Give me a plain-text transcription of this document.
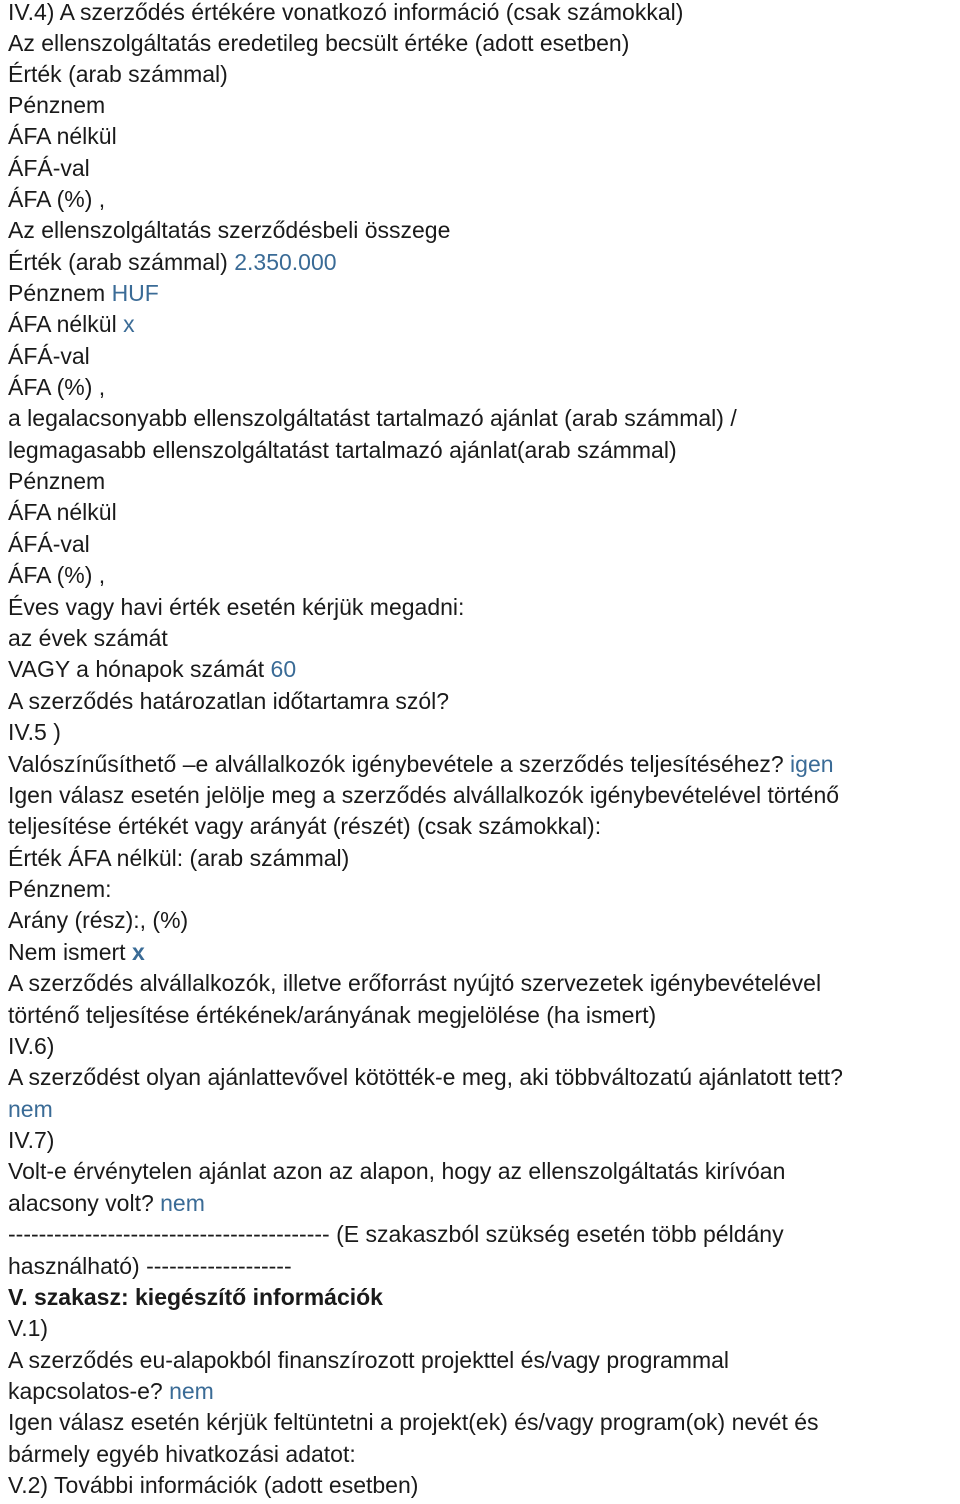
IV.4) A szerződés értékére vonatkozó információ (csak számokkal)
Az ellenszolgáltatás eredetileg becsült értéke (adott esetben)
Érték (arab számmal)
Pénznem
ÁFA nélkül
ÁFÁ-val
ÁFA (%) ,
Az ellenszolgáltatás szerződésbeli összege
Érték (arab számmal) 2.350.000
Pénznem HUF
ÁFA nélkül x
ÁFÁ-val
ÁFA (%) ,
a legalacsonyabb ellenszolgáltatást tartalmazó ajánlat (arab számmal) /
legmagasabb ellenszolgáltatást tartalmazó ajánlat(arab számmal)
Pénznem
ÁFA nélkül
ÁFÁ-val
ÁFA (%) ,
Éves vagy havi érték esetén kérjük megadni:
az évek számát
VAGY a hónapok számát 60
A szerződés határozatlan időtartamra szól?
IV.5 )
Valószínűsíthető –e alvállalkozók igénybevétele a szerződés teljesítéséhez? igen
Igen válasz esetén jelölje meg a szerződés alvállalkozók igénybevételével történő
teljesítése értékét vagy arányát (részét) (csak számokkal):
Érték ÁFA nélkül: (arab számmal)
Pénznem:
Arány (rész):, (%)
Nem ismert x
A szerződés alvállalkozók, illetve erőforrást nyújtó szervezetek igénybevételével
történő teljesítése értékének/arányának megjelölése (ha ismert)
IV.6)
A szerződést olyan ajánlattevővel kötötték-e meg, aki többváltozatú ajánlatott tett?
nem
IV.7)
Volt-e érvénytelen ajánlat azon az alapon, hogy az ellenszolgáltatás kirívóan
alacsony volt? nem
------------------------------------------ (E szakaszból szükség esetén több példány
használható) -------------------
V. szakasz: kiegészítő információk
V.1)
A szerződés eu-alapokból finanszírozott projekttel és/vagy programmal
kapcsolatos-e? nem
Igen válasz esetén kérjük feltüntetni a projekt(ek) és/vagy program(ok) nevét és
bármely egyéb hivatkozási adatot:
V.2) További információk (adott esetben)
